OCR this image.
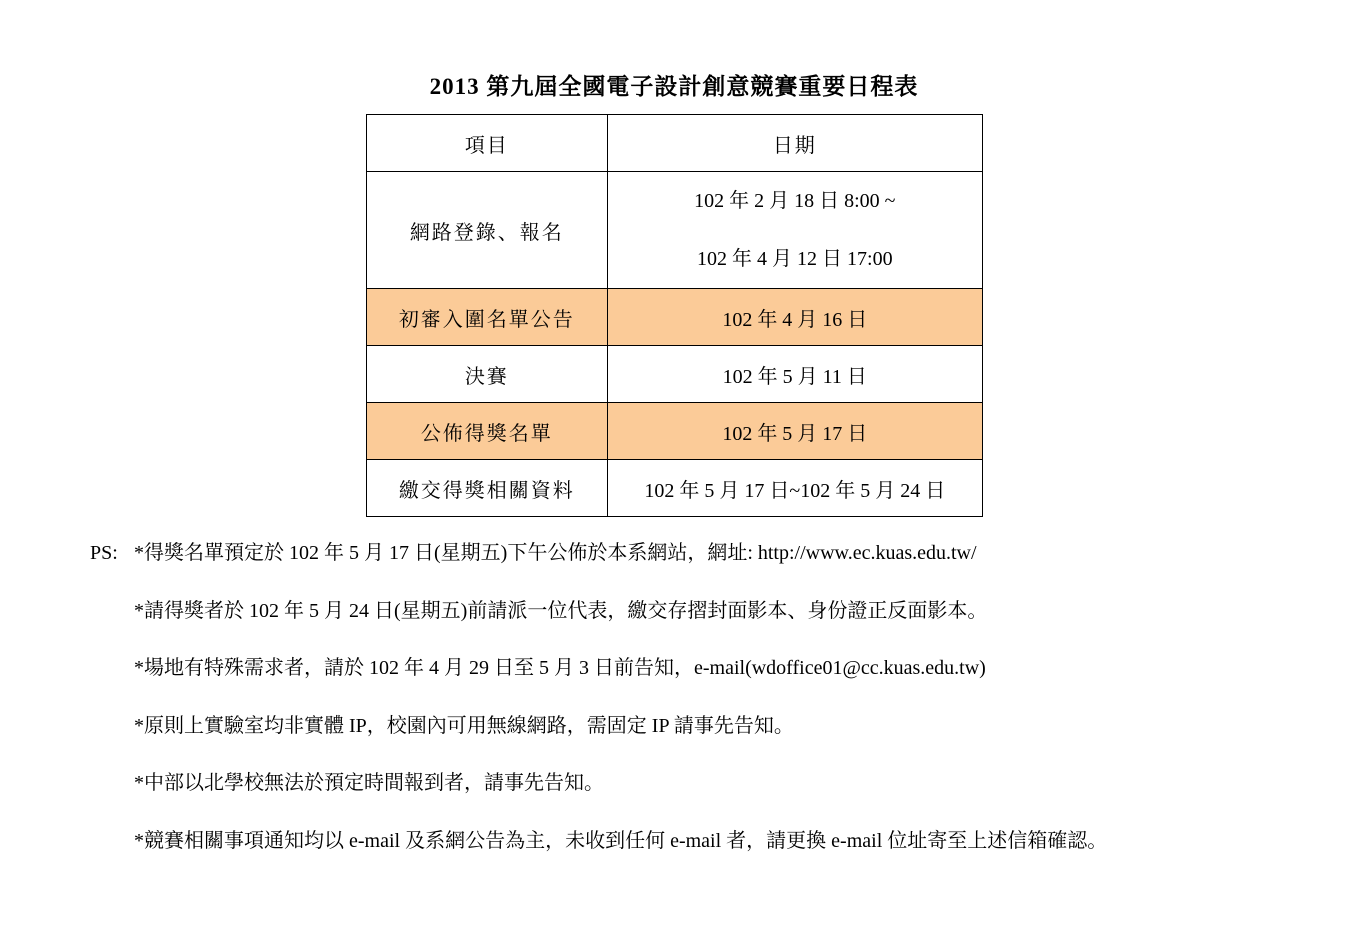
2013 第九屆全國電子設計創意競賽重要日程表
項目	日期
網路登錄、報名	102 年 2 月 18 日 8:00 ~
102 年 4 月 12 日 17:00

初審入圍名單公告	102 年 4 月 16 日
決賽	102 年 5 月 11 日
公佈得獎名單	102 年 5 月 17 日
繳交得獎相關資料	102 年 5 月 17 日~102 年 5 月 24 日
PS: *得獎名單預定於 102 年 5 月 17 日(星期五)下午公佈於本系網站，網址: http://www.ec.kuas.edu.tw/
*請得獎者於 102 年 5 月 24 日(星期五)前請派一位代表，繳交存摺封面影本、身份證正反面影本。
*場地有特殊需求者，請於 102 年 4 月 29 日至 5 月 3 日前告知，e-mail(wdoffice01@cc.kuas.edu.tw)
*原則上實驗室均非實體 IP，校園內可用無線網路，需固定 IP 請事先告知。
*中部以北學校無法於預定時間報到者，請事先告知。
*競賽相關事項通知均以 e-mail 及系網公告為主，未收到任何 e-mail 者，請更換 e-mail 位址寄至上述信箱確認。
